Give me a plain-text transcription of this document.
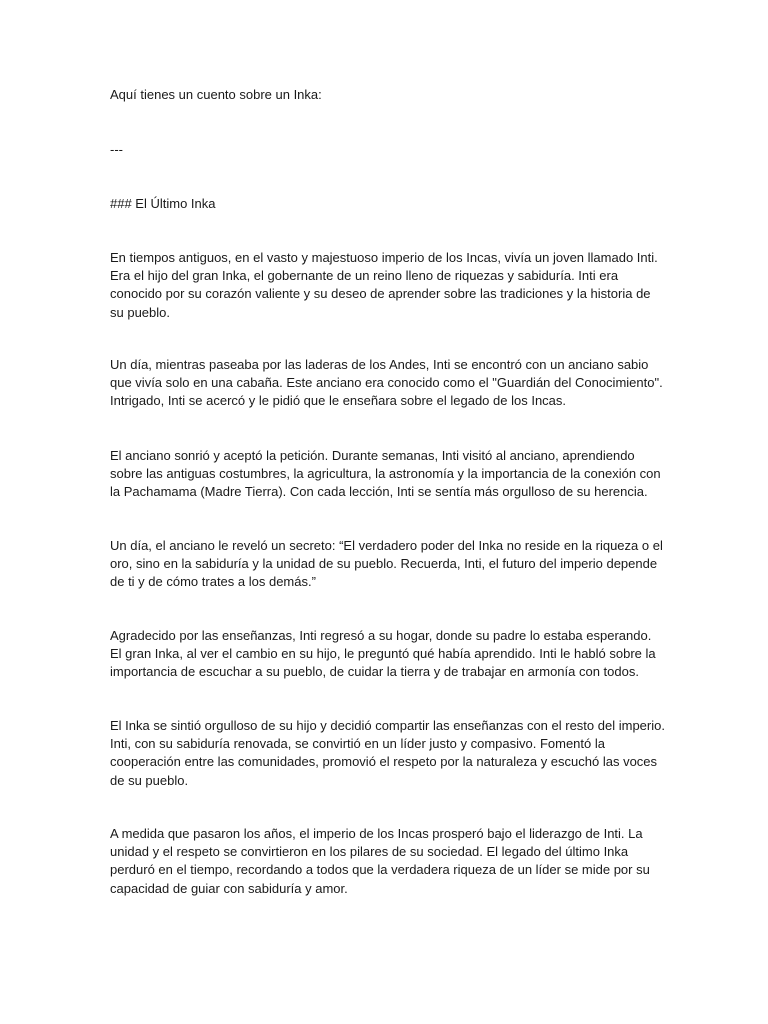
Aquí tienes un cuento sobre un Inka:

---

### El Último Inka

En tiempos antiguos, en el vasto y majestuoso imperio de los Incas, vivía un joven llamado Inti. Era el hijo del gran Inka, el gobernante de un reino lleno de riquezas y sabiduría. Inti era conocido por su corazón valiente y su deseo de aprender sobre las tradiciones y la historia de su pueblo.

Un día, mientras paseaba por las laderas de los Andes, Inti se encontró con un anciano sabio que vivía solo en una cabaña. Este anciano era conocido como el "Guardián del Conocimiento". Intrigado, Inti se acercó y le pidió que le enseñara sobre el legado de los Incas.

El anciano sonrió y aceptó la petición. Durante semanas, Inti visitó al anciano, aprendiendo sobre las antiguas costumbres, la agricultura, la astronomía y la importancia de la conexión con la Pachamama (Madre Tierra). Con cada lección, Inti se sentía más orgulloso de su herencia.

Un día, el anciano le reveló un secreto: “El verdadero poder del Inka no reside en la riqueza o el oro, sino en la sabiduría y la unidad de su pueblo. Recuerda, Inti, el futuro del imperio depende de ti y de cómo trates a los demás.”

Agradecido por las enseñanzas, Inti regresó a su hogar, donde su padre lo estaba esperando. El gran Inka, al ver el cambio en su hijo, le preguntó qué había aprendido. Inti le habló sobre la importancia de escuchar a su pueblo, de cuidar la tierra y de trabajar en armonía con todos.

El Inka se sintió orgulloso de su hijo y decidió compartir las enseñanzas con el resto del imperio. Inti, con su sabiduría renovada, se convirtió en un líder justo y compasivo. Fomentó la cooperación entre las comunidades, promovió el respeto por la naturaleza y escuchó las voces de su pueblo.

A medida que pasaron los años, el imperio de los Incas prosperó bajo el liderazgo de Inti. La unidad y el respeto se convirtieron en los pilares de su sociedad. El legado del último Inka perduró en el tiempo, recordando a todos que la verdadera riqueza de un líder se mide por su capacidad de guiar con sabiduría y amor.
